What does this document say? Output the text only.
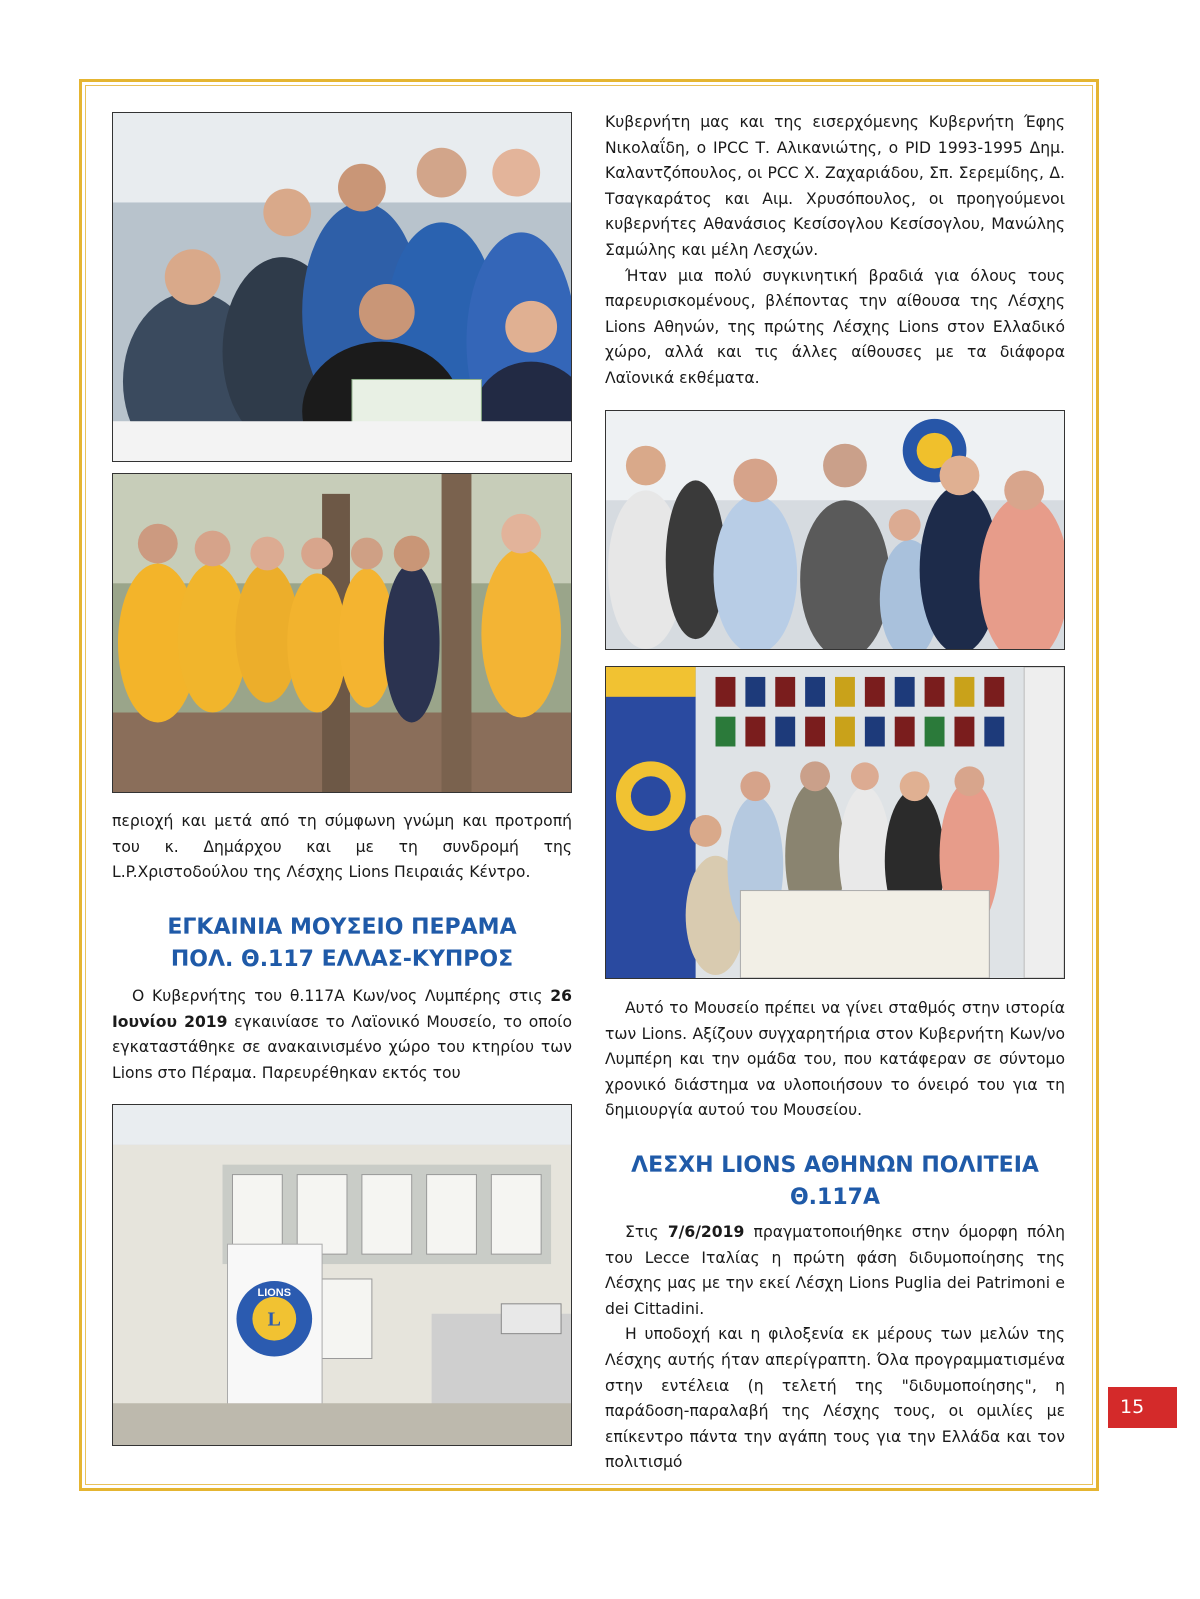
LIONS
L

περιοχή και μετά από τη σύμφωνη γνώμη και προτροπή του κ. Δημάρχου και με τη συνδρομή της L.P.Χριστοδούλου της Λέσχης Lions Πειραιάς Κέντρο.

ΕΓΚΑΙΝΙΑ ΜΟΥΣΕΙΟ ΠΕΡΑΜΑ
ΠΟΛ. Θ.117 ΕΛΛΑΣ-ΚΥΠΡΟΣ

Ο Κυβερνήτης του θ.117Α Κων/νος Λυμπέρης στις 26 Ιουνίου 2019 εγκαινίασε το Λαϊονικό Μουσείο, το οποίο εγκαταστάθηκε σε ανακαινισμένο χώρο του κτηρίου των Lions στο Πέραμα. Παρευρέθηκαν εκτός του

Κυβερνήτη μας και της εισερχόμενης Κυβερνήτη Έφης Νικολαΐδη, ο IPCC Τ. Αλικανιώτης, ο PID 1993-1995 Δημ. Καλαντζόπουλος, οι PCC Χ. Ζαχαριάδου, Σπ. Σερεμίδης, Δ. Τσαγκαράτος και Αιμ. Χρυσόπουλος, οι προηγούμενοι κυβερνήτες Αθανάσιος Κεσίσογλου Κεσίσογλου, Μανώλης Σαμώλης και μέλη Λεσχών.

Ήταν μια πολύ συγκινητική βραδιά για όλους τους παρευρισκομένους, βλέποντας την αίθουσα της Λέσχης Lions Αθηνών, της πρώτης Λέσχης Lions στον Ελλαδικό χώρο, αλλά και τις άλλες αίθουσες με τα διάφορα Λαϊονικά εκθέματα.

Αυτό το Μουσείο πρέπει να γίνει σταθμός στην ιστορία των Lions. Αξίζουν συγχαρητήρια στον Κυβερνήτη Κων/νο Λυμπέρη και την ομάδα του, που κατάφεραν σε σύντομο χρονικό διάστημα να υλοποιήσουν το όνειρό του για τη δημιουργία αυτού του Μουσείου.

ΛΕΣΧΗ LIONS ΑΘΗΝΩΝ ΠΟΛΙΤΕΙΑ
Θ.117Α

Στις 7/6/2019 πραγματοποιήθηκε στην όμορφη πόλη του Lecce Ιταλίας η πρώτη φάση διδυμοποίησης της Λέσχης μας με την εκεί Λέσχη Lions Puglia dei Patrimoni e dei Cittadini.

Η υποδοχή και η φιλοξενία εκ μέρους των μελών της Λέσχης αυτής ήταν απερίγραπτη. Όλα προγραμματισμένα στην εντέλεια (η τελετή της "διδυμοποίησης", η παράδοση-παραλαβή της Λέσχης τους, οι ομιλίες με επίκεντρο πάντα την αγάπη τους για την Ελλάδα και τον πολιτισμό

15
